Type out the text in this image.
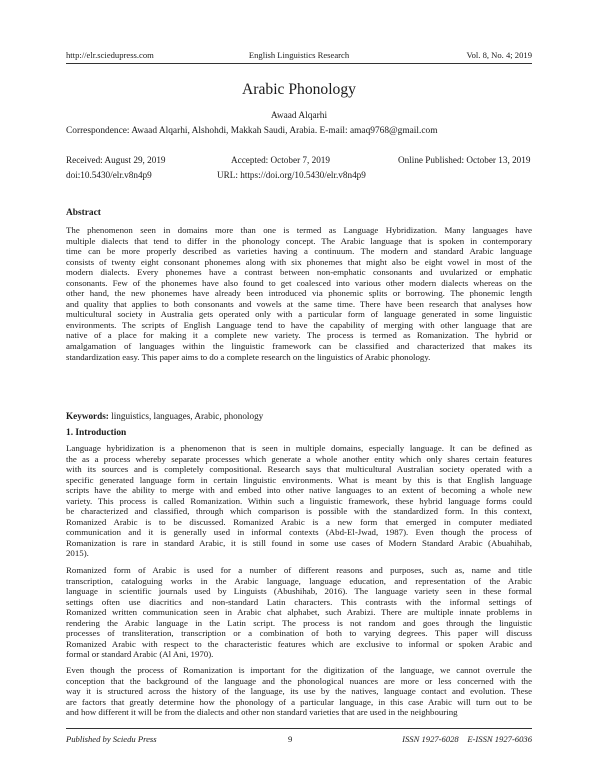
http://elr.sciedupress.com	English Linguistics Research	Vol. 8, No. 4; 2019
Arabic Phonology
Awaad Alqarhi
Correspondence: Awaad Alqarhi, Alshohdi, Makkah Saudi, Arabia. E-mail: amaq9768@gmail.com
Received: August 29, 2019	Accepted: October 7, 2019	Online Published: October 13, 2019
doi:10.5430/elr.v8n4p9	URL: https://doi.org/10.5430/elr.v8n4p9
Abstract
The phenomenon seen in domains more than one is termed as Language Hybridization. Many languages have
multiple dialects that tend to differ in the phonology concept. The Arabic language that is spoken in contemporary
time can be more properly described as varieties having a continuum. The modern and standard Arabic language
consists of twenty eight consonant phonemes along with six phonemes that might also be eight vowel in most of the
modern dialects. Every phonemes have a contrast between non-emphatic consonants and uvularized or emphatic
consonants. Few of the phonemes have also found to get coalesced into various other modern dialects whereas on the
other hand, the new phonemes have already been introduced via phonemic splits or borrowing. The phonemic length
and quality that applies to both consonants and vowels at the same time. There have been research that analyses how
multicultural society in Australia gets operated only with a particular form of language generated in some linguistic
environments. The scripts of English Language tend to have the capability of merging with other language that are
native of a place for making it a complete new variety. The process is termed as Romanization. The hybrid or
amalgamation of languages within the linguistic framework can be classified and characterized that makes its
standardization easy. This paper aims to do a complete research on the linguistics of Arabic phonology.
Keywords: linguistics, languages, Arabic, phonology
1. Introduction
Language hybridization is a phenomenon that is seen in multiple domains, especially language. It can be defined as
the as a process whereby separate processes which generate a whole another entity which only shares certain features
with its sources and is completely compositional. Research says that multicultural Australian society operated with a
specific generated language form in certain linguistic environments. What is meant by this is that English language
scripts have the ability to merge with and embed into other native languages to an extent of becoming a whole new
variety. This process is called Romanization. Within such a linguistic framework, these hybrid language forms could
be characterized and classified, through which comparison is possible with the standardized form. In this context,
Romanized Arabic is to be discussed. Romanized Arabic is a new form that emerged in computer mediated
communication and it is generally used in informal contexts (Abd-El-Jwad, 1987). Even though the process of
Romanization is rare in standard Arabic, it is still found in some use cases of Modern Standard Arabic (Abuahihab,
2015).
Romanized form of Arabic is used for a number of different reasons and purposes, such as, name and title
transcription, cataloguing works in the Arabic language, language education, and representation of the Arabic
language in scientific journals used by Linguists (Abushihab, 2016). The language variety seen in these formal
settings often use diacritics and non-standard Latin characters. This contrasts with the informal settings of
Romanized written communication seen in Arabic chat alphabet, such Arabizi. There are multiple innate problems in
rendering the Arabic language in the Latin script. The process is not random and goes through the linguistic
processes of transliteration, transcription or a combination of both to varying degrees. This paper will discuss
Romanized Arabic with respect to the characteristic features which are exclusive to informal or spoken Arabic and
formal or standard Arabic (Al Ani, 1970).
Even though the process of Romanization is important for the digitization of the language, we cannot overrule the
conception that the background of the language and the phonological nuances are more or less concerned with the
way it is structured across the history of the language, its use by the natives, language contact and evolution. These
are factors that greatly determine how the phonology of a particular language, in this case Arabic will turn out to be
and how different it will be from the dialects and other non standard varieties that are used in the neighbouring
Published by Sciedu Press	9	ISSN 1927-6028 E-ISSN 1927-6036
